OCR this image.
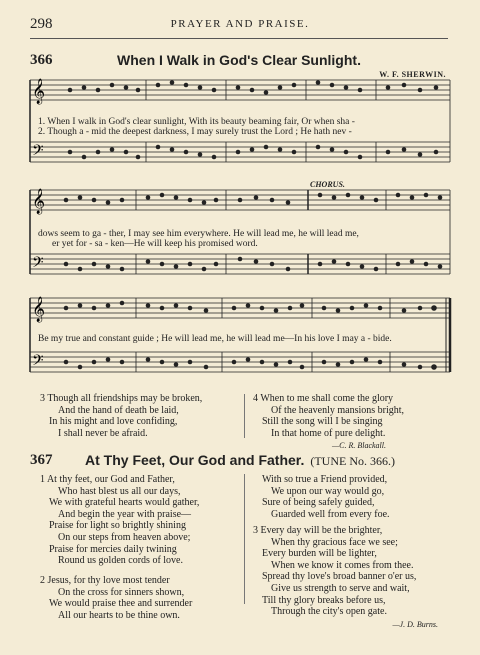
298	PRAYER AND PRAISE.
366	When I Walk in God's Clear Sunlight.
W. F. SHERWIN.
𝄞
𝄢
1. When I walk in God's clear sunlight, With its beauty beaming fair, Or when sha -
2. Though a - mid the deepest darkness, I may surely trust the Lord ; He hath nev -
CHORUS.
𝄞
𝄢
dows seem to ga - ther, I may see him everywhere. He will lead me, he will lead me,
er yet for - sa - ken—He will keep his promised word.
𝄞
𝄢
Be my true and constant guide ; He will lead me, he will lead me—In his love I may a - bide.
3 Though all friendships may be broken,
And the hand of death be laid,
In his might and love confiding,
I shall never be afraid.
4 When to me shall come the glory
Of the heavenly mansions bright,
Still the song will I be singing
In that home of pure delight.
—C. R. Blackall.
367 At Thy Feet, Our God and Father. (TUNE No. 366.)
1 At thy feet, our God and Father,
Who hast blest us all our days,
We with grateful hearts would gather,
And begin the year with praise—
Praise for light so brightly shining
On our steps from heaven above;
Praise for mercies daily twining
Round us golden cords of love.
2 Jesus, for thy love most tender
On the cross for sinners shown,
We would praise thee and surrender
All our hearts to be thine own.
With so true a Friend provided,
We upon our way would go,
Sure of being safely guided,
Guarded well from every foe.
3 Every day will be the brighter,
When thy gracious face we see;
Every burden will be lighter,
When we know it comes from thee.
Spread thy love's broad banner o'er us,
Give us strength to serve and wait,
Till thy glory breaks before us,
Through the city's open gate.
—J. D. Burns.
